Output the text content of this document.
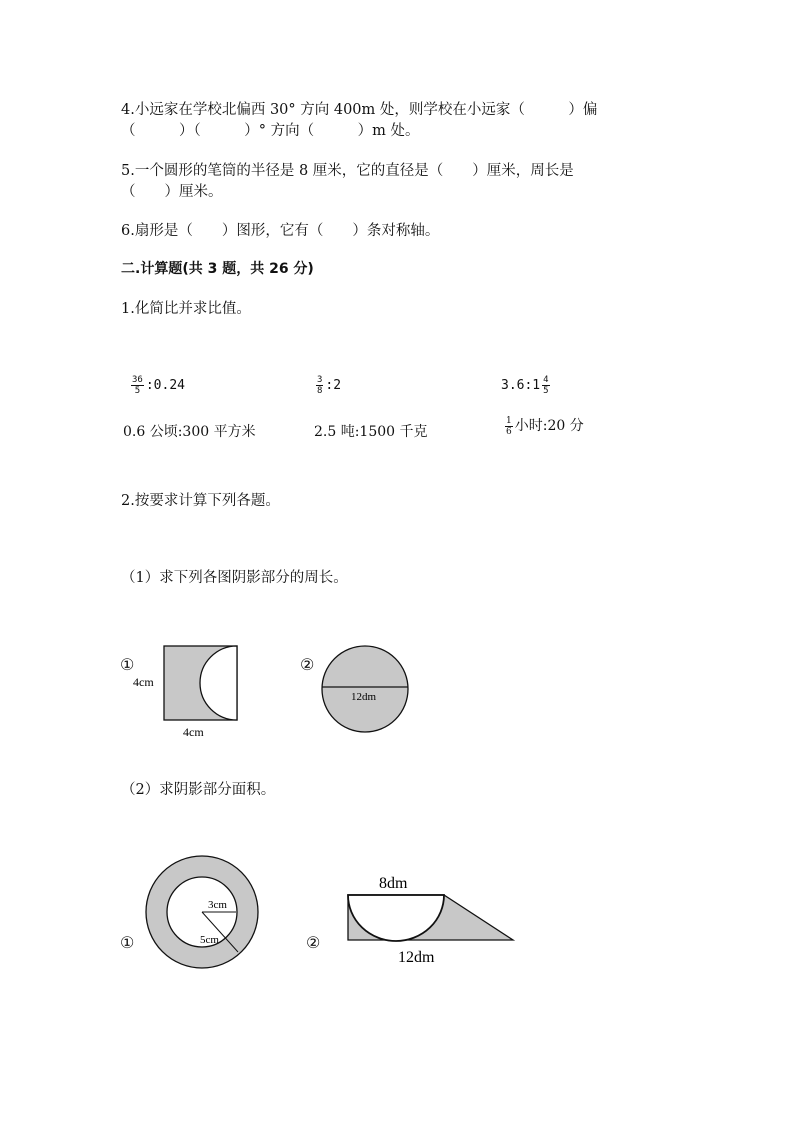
4.小远家在学校北偏西 30° 方向 400m 处，则学校在小远家（　　　）偏
（　　　）（　　　）° 方向（　　　）m 处。
5.一个圆形的笔筒的半径是 8 厘米，它的直径是（　　）厘米，周长是
（　　）厘米。
6.扇形是（　　）图形，它有（　　）条对称轴。
二.计算题(共 3 题，共 26 分)
1.化简比并求比值。
$\frac{36}{5}$ :0.24	$\frac{3}{8}$ :2	3.6:1 $\frac{4}{5}$
0.6 公顷:300 平方米	2.5 吨:1500 千克	$\frac{1}{6}$ 小时:20 分
2.按要求计算下列各题。
（1）求下列各图阴影部分的周长。
①
4cm
4cm
②
12dm
（2）求阴影部分面积。
①
3cm
5cm	②
8dm
12dm
